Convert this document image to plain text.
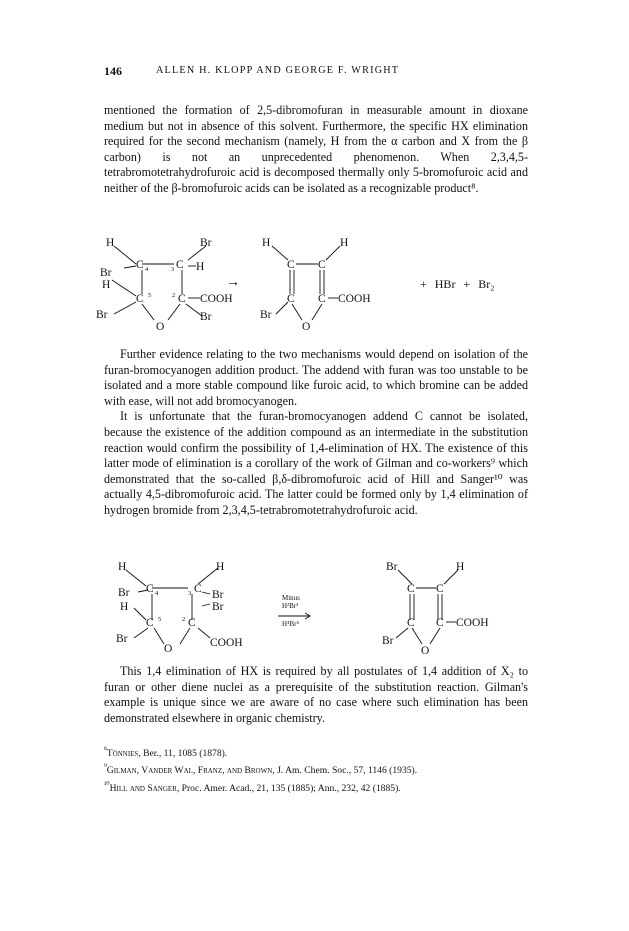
146	ALLEN H. KLOPP AND GEORGE F. WRIGHT

mentioned the formation of 2,5-dibromofuran in measurable amount in dioxane medium but not in absence of this solvent. Furthermore, the specific HX elimination required for the second mechanism (namely, H from the α carbon and X from the β carbon) is not an unprecedented phenomenon. When 2,3,4,5-tetrabromotetrahydrofuroic acid is decomposed thermally only 5-bromofuroic acid and neither of the β-bromofuroic acids can be isolated as a recognizable product⁸.

H	Br
C 4 C
3 H
Br
H
C 5	2 C COOH
Br
O
Br
→
H	H
C C
C C COOH
Br
O
+ HBr + Br₂

Further evidence relating to the two mechanisms would depend on isolation of the furan-bromocyanogen addition product. The addend with furan was too unstable to be isolated and a more stable compound like furoic acid, to which bromine can be added with ease, will not add bromocyanogen.

It is unfortunate that the furan-bromocyanogen addend C cannot be isolated, because the existence of the addition compound as an intermediate in the substitution reaction would confirm the possibility of 1,4-elimination of HX. The existence of this latter mode of elimination is a corollary of the work of Gilman and co-workers⁹ which demonstrated that the so-called β,δ-dibromofuroic acid of Hill and Sanger¹⁰ was actually 4,5-dibromofuroic acid. The latter could be formed only by 1,4 elimination of hydrogen bromide from 2,3,4,5-tetrabromotetrahydrofuroic acid.

H	H
C 4	C
3
Br	Br
H	Br
C 5	2 C
Br
O	COOH
Minus
H²Br³
H⁴Br⁵
Br	H
C C
C C COOH
Br
O

This 1,4 elimination of HX is required by all postulates of 1,4 addition of X₂ to furan or other diene nuclei as a prerequisite of the substitution reaction. Gilman's example is unique since we are aware of no case where such elimination has been demonstrated elsewhere in organic chemistry.

$^{^8}$Tönnies, Ber., 11, 1085 (1878).
$^{^9}$Gilman, Vander Wal, Franz, and Brown, J. Am. Chem. Soc., 57, 1146 (1935).
$^{^{10}}$Hill and Sanger, Proc. Amer. Acad., 21, 135 (1885); Ann., 232, 42 (1885).
